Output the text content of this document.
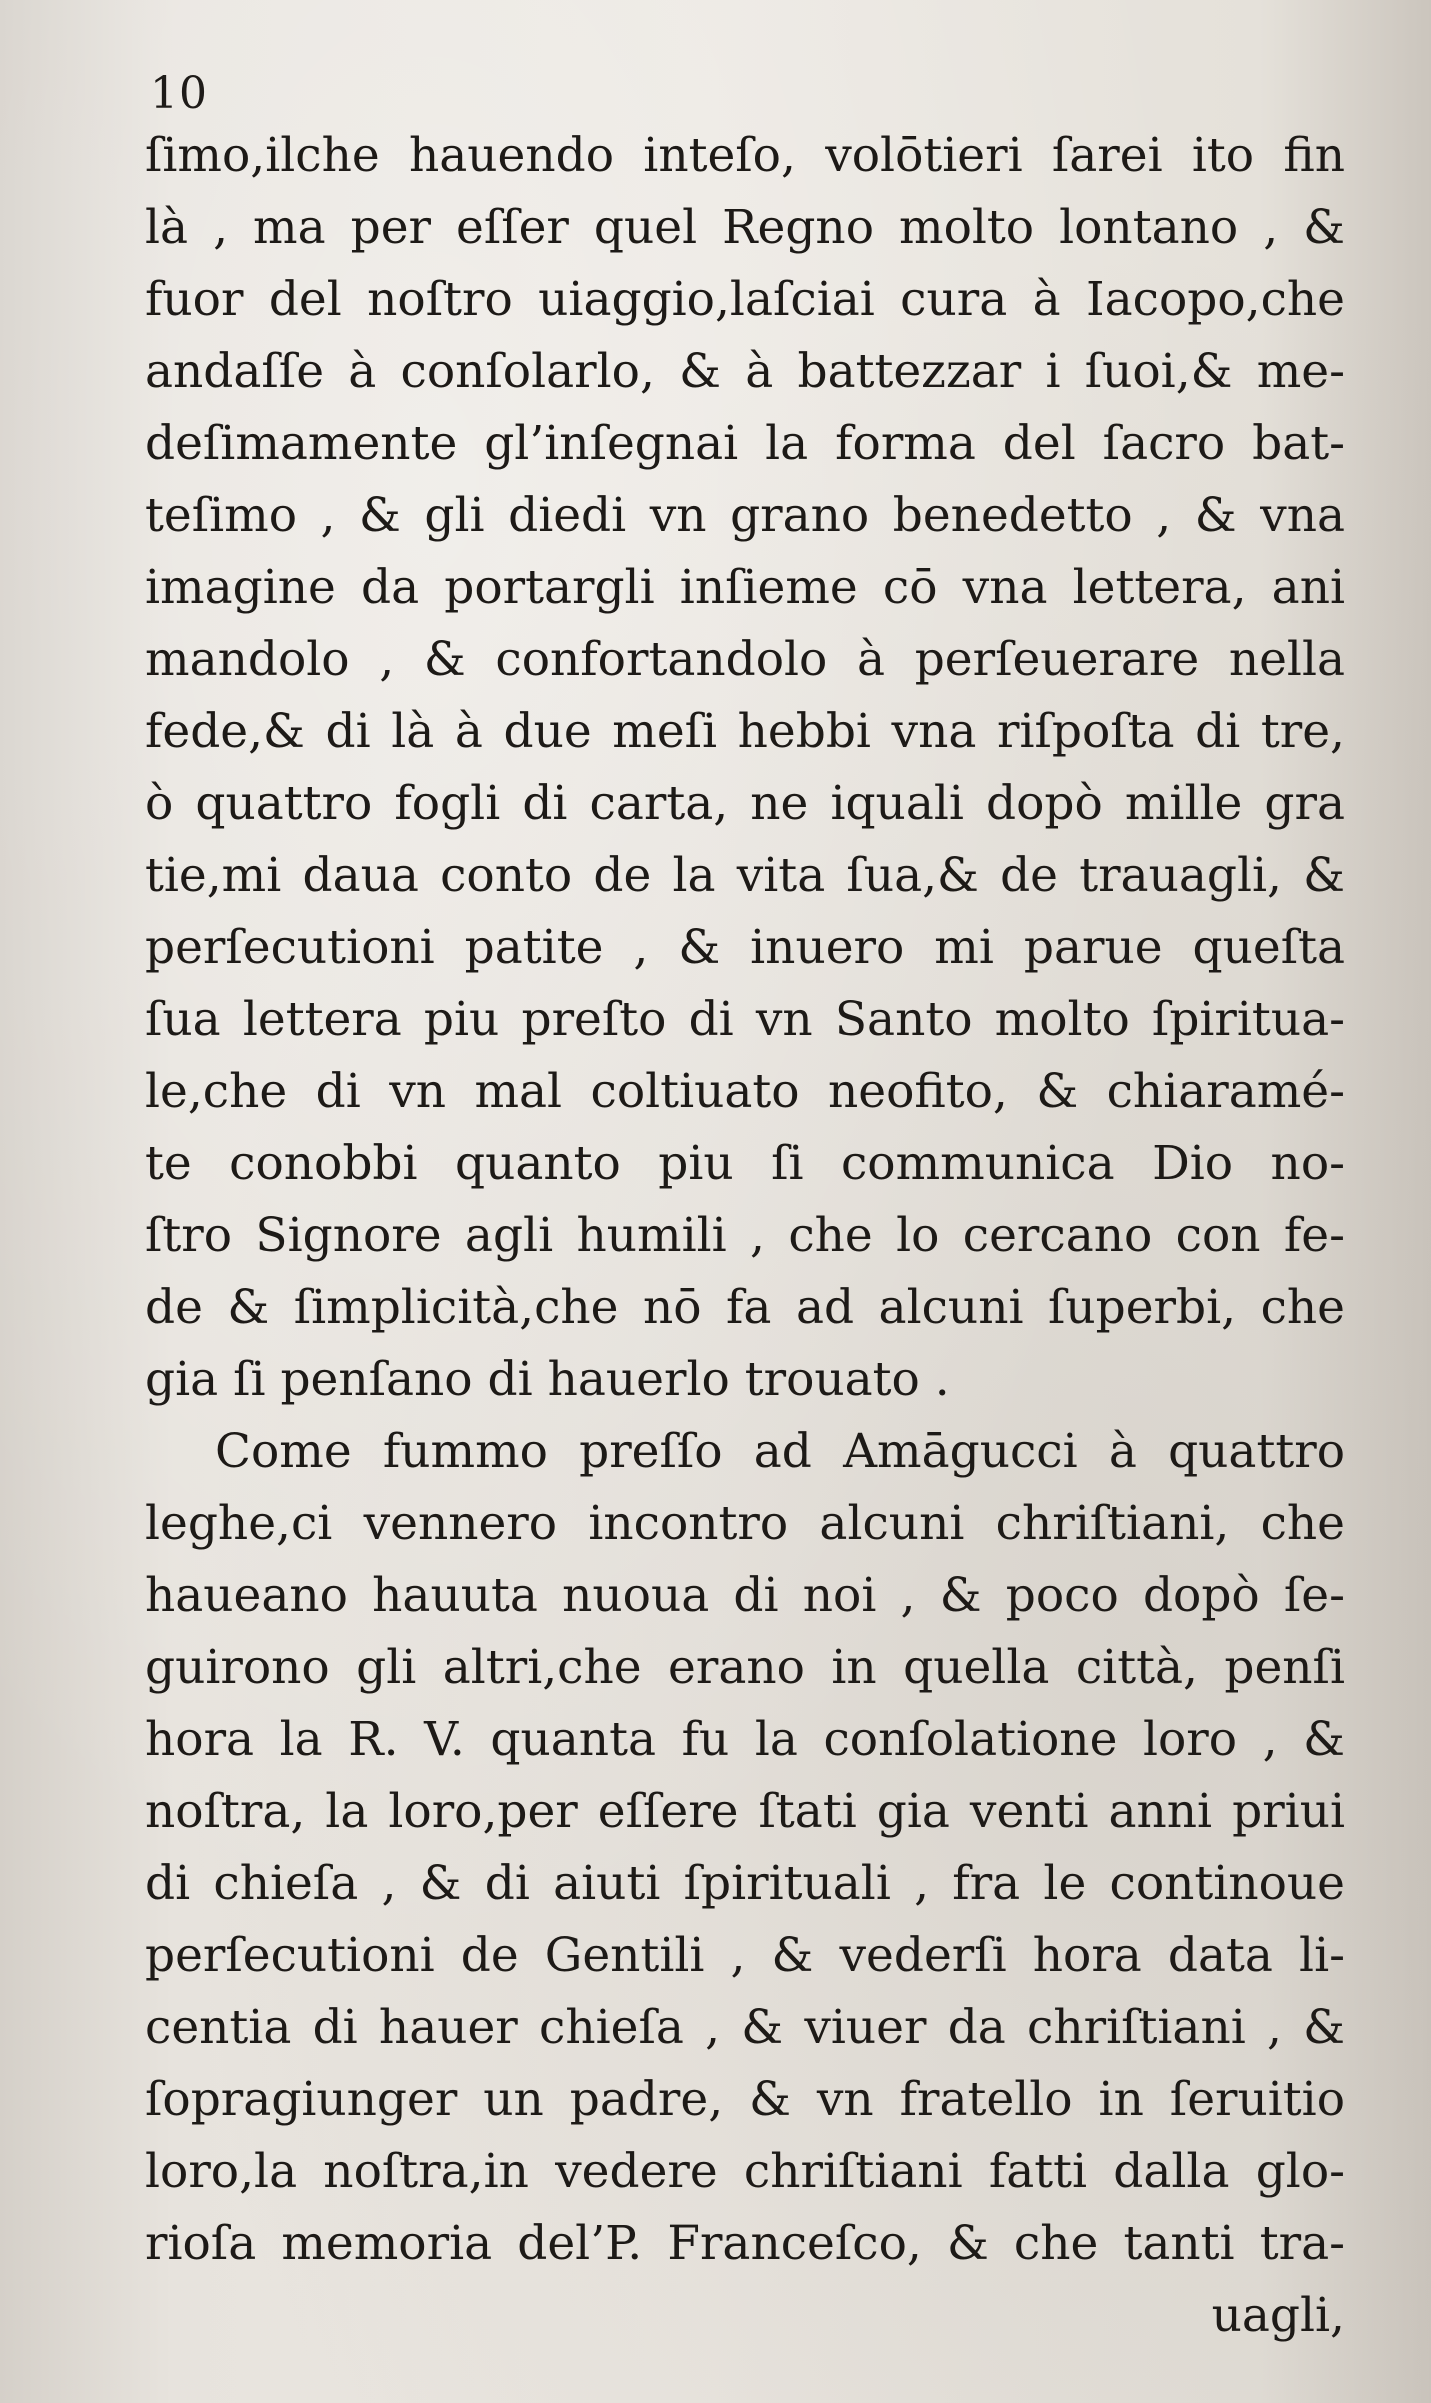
10
ſimo,ilche hauendo inteſo, volōtieri ſarei ito fin
là , ma per eſſer quel Regno molto lontano , &
fuor del noſtro uiaggio,laſciai cura à Iacopo,che
andaſſe à conſolarlo, & à battezzar i ſuoi,& me-
deſimamente gl’inſegnai la forma del ſacro bat-
teſimo , & gli diedi vn grano benedetto , & vna
imagine da portargli inſieme cō vna lettera, ani
mandolo , & confortandolo à perſeuerare nella
fede,& di là à due meſi hebbi vna riſpoſta di tre,
ò quattro fogli di carta, ne iquali dopò mille gra
tie,mi daua conto de la vita ſua,& de trauagli, &
perſecutioni patite , & inuero mi parue queſta
ſua lettera piu preſto di vn Santo molto ſpiritua-
le,che di vn mal coltiuato neofito, & chiaramé-
te conobbi quanto piu ſi communica Dio no-
ſtro Signore agli humili , che lo cercano con fe-
de & ſimplicità,che nō fa ad alcuni ſuperbi, che
gia ſi penſano di hauerlo trouato .
Come fummo preſſo ad Amāgucci à quattro
leghe,ci vennero incontro alcuni chriſtiani, che
haueano hauuta nuoua di noi , & poco dopò ſe-
guirono gli altri,che erano in quella città, penſi
hora la R. V. quanta fu la conſolatione loro , &
noſtra, la loro,per eſſere ſtati gia venti anni priui
di chieſa , & di aiuti ſpirituali , fra le continoue
perſecutioni de Gentili , & vederſi hora data li-
centia di hauer chieſa , & viuer da chriſtiani , &
ſopragiunger un padre, & vn fratello in ſeruitio
loro,la noſtra,in vedere chriſtiani fatti dalla glo-
rioſa memoria del’P. Franceſco, & che tanti tra-
uagli,
